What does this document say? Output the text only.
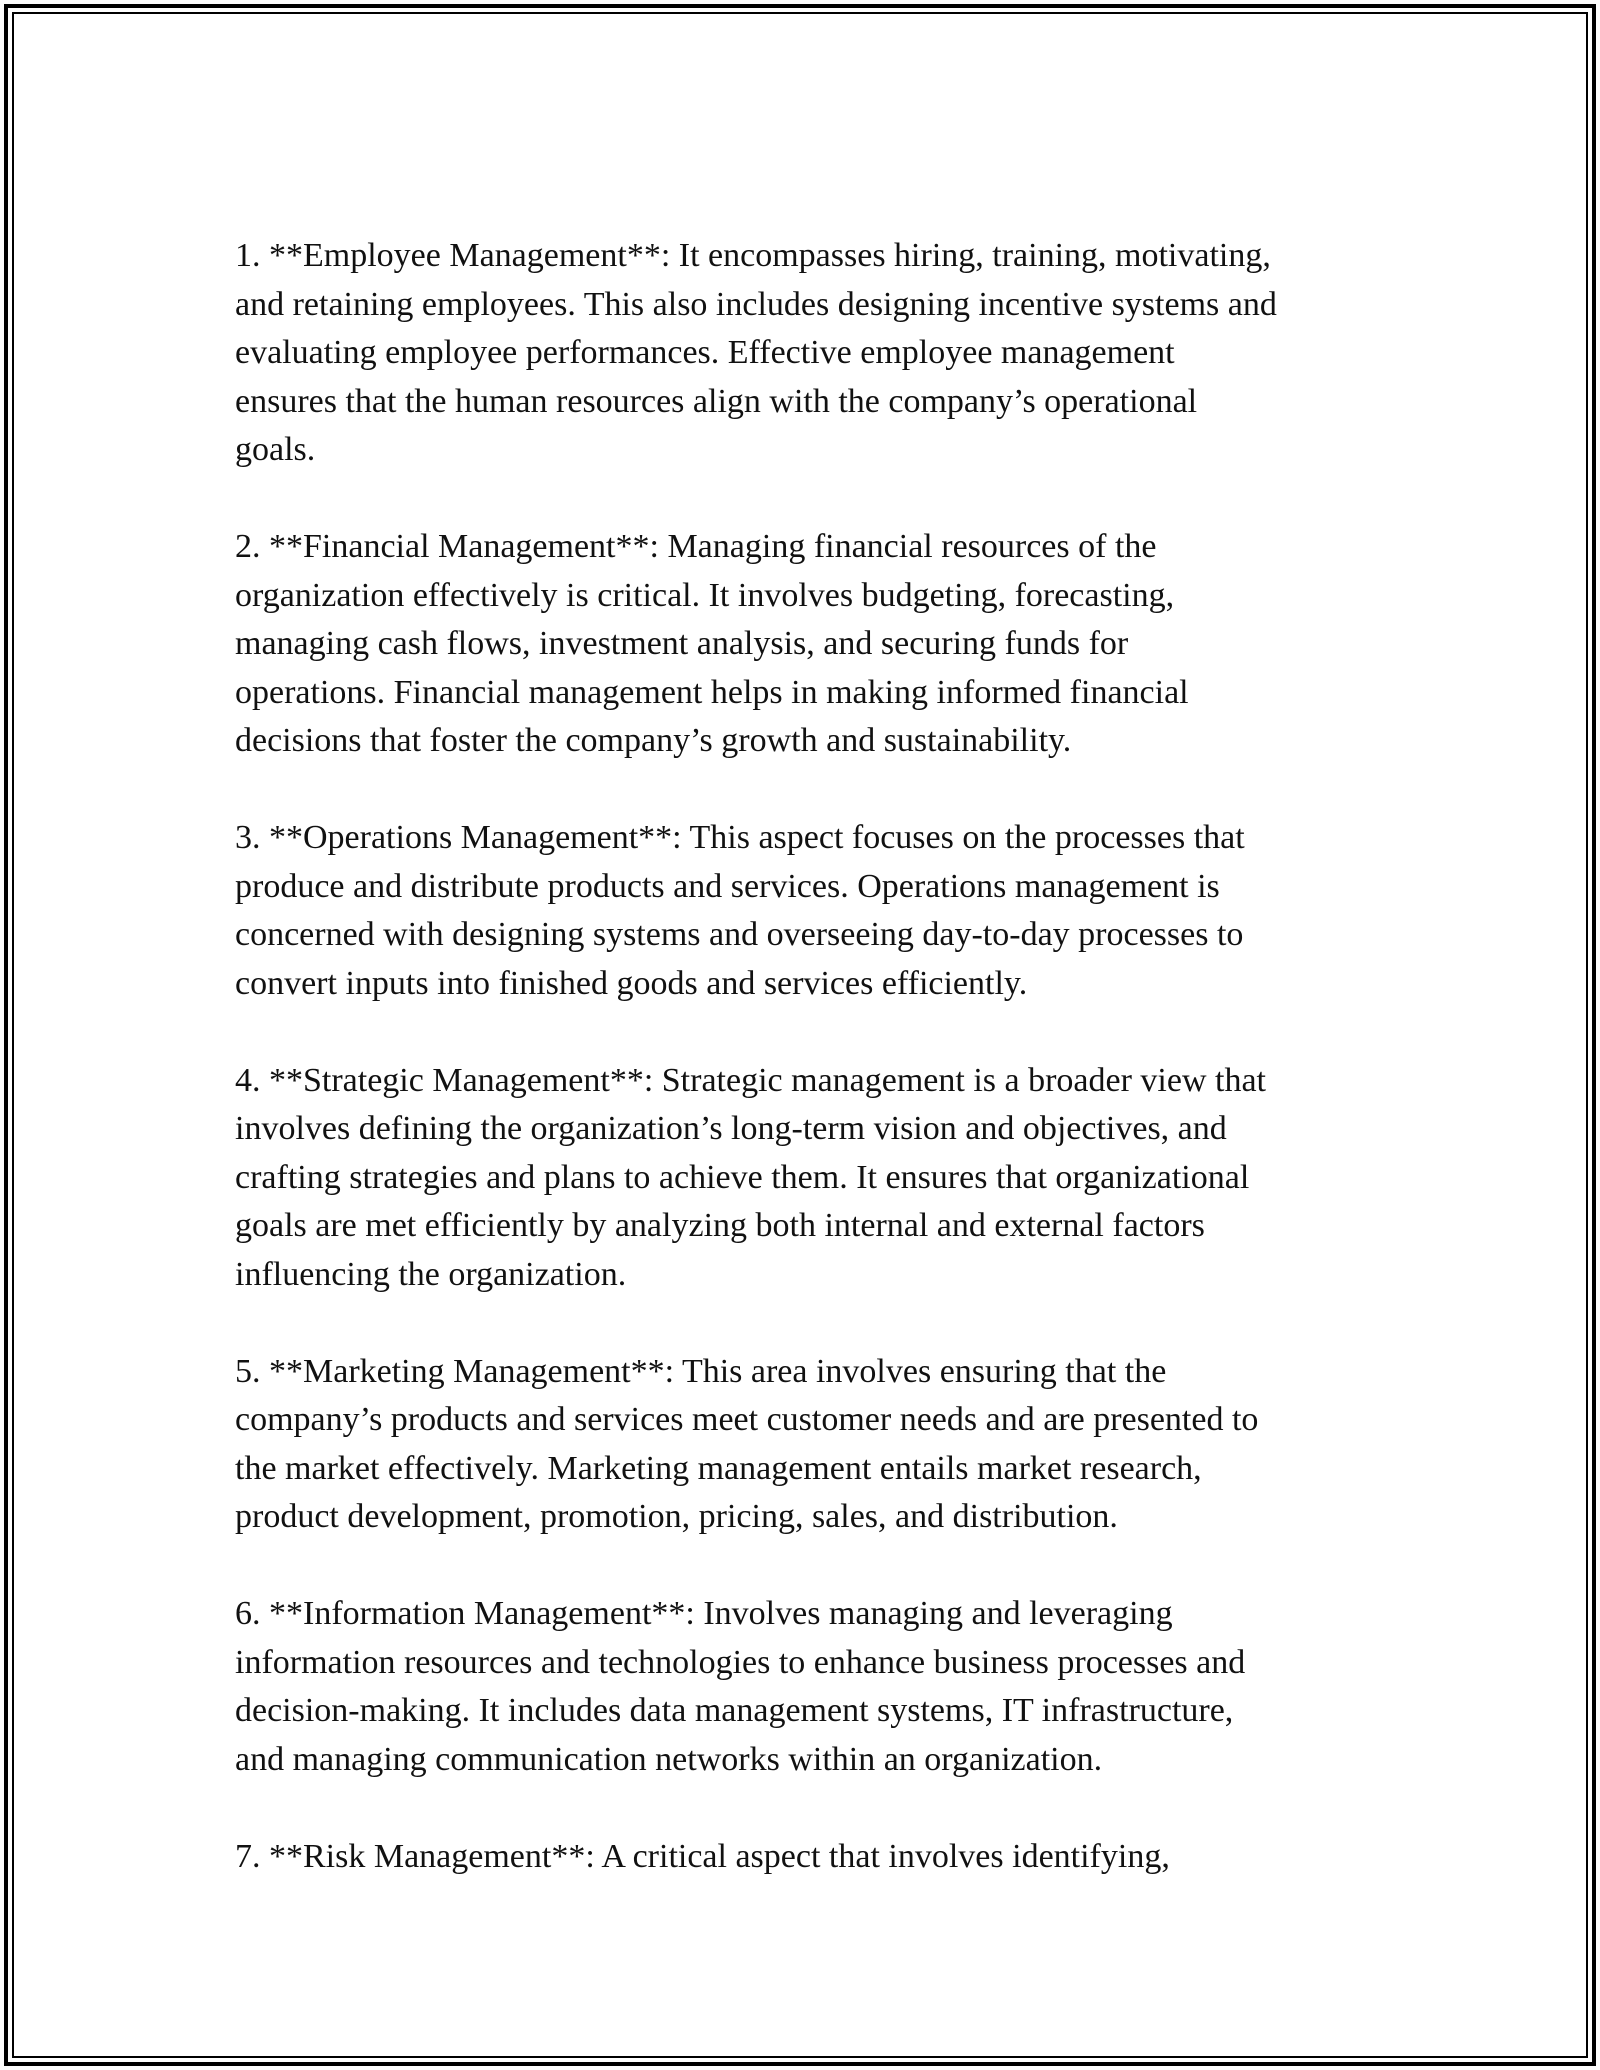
1. **Employee Management**: It encompasses hiring, training, motivating,
and retaining employees. This also includes designing incentive systems and
evaluating employee performances. Effective employee management
ensures that the human resources align with the company’s operational
goals.

2. **Financial Management**: Managing financial resources of the
organization effectively is critical. It involves budgeting, forecasting,
managing cash flows, investment analysis, and securing funds for
operations. Financial management helps in making informed financial
decisions that foster the company’s growth and sustainability.

3. **Operations Management**: This aspect focuses on the processes that
produce and distribute products and services. Operations management is
concerned with designing systems and overseeing day-to-day processes to
convert inputs into finished goods and services efficiently.

4. **Strategic Management**: Strategic management is a broader view that
involves defining the organization’s long-term vision and objectives, and
crafting strategies and plans to achieve them. It ensures that organizational
goals are met efficiently by analyzing both internal and external factors
influencing the organization.

5. **Marketing Management**: This area involves ensuring that the
company’s products and services meet customer needs and are presented to
the market effectively. Marketing management entails market research,
product development, promotion, pricing, sales, and distribution.

6. **Information Management**: Involves managing and leveraging
information resources and technologies to enhance business processes and
decision-making. It includes data management systems, IT infrastructure,
and managing communication networks within an organization.

7. **Risk Management**: A critical aspect that involves identifying,
